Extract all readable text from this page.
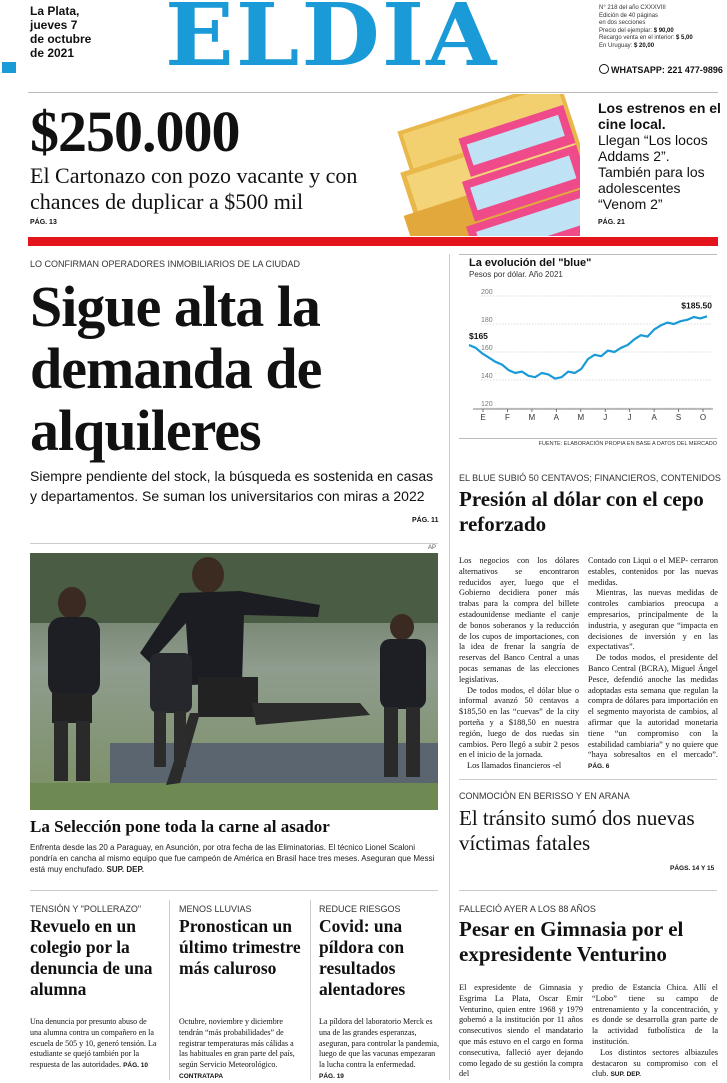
La Plata,
jueves 7
de octubre
de 2021	ELDIA	N° 218 del año CXXXVIII
Edición de 40 páginas
en dos secciones
Precio del ejemplar: $ 90,00
Recargo venta en el interior: $ 5,00
En Uruguay: $ 20,00
WHATSAPP: 221 477-9896
$250.000
El Cartonazo con pozo vacante y con chances de duplicar a $500 mil
PÁG. 13
Los estrenos en el cine local.
Llegan “Los locos Addams 2”. También para los adolescentes “Venom 2”
PÁG. 21
LO CONFIRMAN OPERADORES INMOBILIARIOS DE LA CIUDAD
Sigue alta la demanda de alquileres
Siempre pendiente del stock, la búsqueda es sostenida en casas y departamentos. Se suman los universitarios con miras a 2022
PÁG. 11
AP
La Selección pone toda la carne al asador
Enfrenta desde las 20 a Paraguay, en Asunción, por otra fecha de las Eliminatorias. El técnico Lionel Scaloni pondría en cancha al mismo equipo que fue campeón de América en Brasil hace tres meses. Aseguran que Messi está muy enchufado. SUP. DEP.
La evolución del "blue"
Pesos por dólar. Año 2021
120
140
160
180
200
E F M A M J	J A S O
$165
$185.50
FUENTE: ELABORACIÓN PROPIA EN BASE A DATOS DEL MERCADO
EL BLUE SUBIÓ 50 CENTAVOS; FINANCIEROS, CONTENIDOS
Presión al dólar con el cepo reforzado

Los negocios con los dólares alternativos se encontraron reducidos ayer, luego que el Gobierno decidiera poner más trabas para la compra del billete estadounidense mediante el canje de bonos soberanos y la reducción de los cupos de importaciones, con la idea de frenar la sangría de reservas del Banco Central a unas pocas semanas de las elecciones legislativas.

De todos modos, el dólar blue o informal avanzó 50 centavos a $185,50 en las “cuevas” de la city porteña y a $188,50 en nuestra región, luego de dos ruedas sin cambios. Pero llegó a subir 2 pesos en el inicio de la jornada.

Los llamados financieros -el

Contado con Liqui o el MEP- cerraron estables, contenidos por las nuevas medidas.

Mientras, las nuevas medidas de controles cambiarios preocupa a empresarios, principalmente de la industria, y aseguran que “impacta en decisiones de inversión y en las expectativas”.

De todos modos, el presidente del Banco Central (BCRA), Miguel Ángel Pesce, defendió anoche las medidas adoptadas esta semana que regulan la compra de dólares para importación en el segmento mayorista de cambios, al afirmar que la autoridad monetaria tiene “un compromiso con la estabilidad cambiaria” y no quiere que “haya sobresaltos en el mercado”. PÁG. 6

CONMOCIÓN EN BERISSO Y EN ARANA
El tránsito sumó dos nuevas víctimas fatales
PÁGS. 14 Y 15
FALLECIÓ AYER A LOS 88 AÑOS
Pesar en Gimnasia por el expresidente Venturino

El expresidente de Gimnasia y Esgrima La Plata, Oscar Emir Venturino, quien entre 1968 y 1979 gobernó a la institución por 11 años consecutivos siendo el mandatario que más estuvo en el cargo en forma consecutiva, falleció ayer dejando como legado de su gestión la compra del

predio de Estancia Chica. Allí el “Lobo” tiene su campo de entrenamiento y la concentración, y es donde se desarrolla gran parte de la actividad futbolística de la institución.

Los distintos sectores albiazules destacaron su compromiso con el club. SUP. DEP.

TENSIÓN Y "POLLERAZO"
Revuelo en un colegio por la denuncia de una alumna
Una denuncia por presunto abuso de una alumna contra un compañero en la escuela de 505 y 10, generó tensión. La estudiante se quejó también por la respuesta de las autoridades. PÁG. 10
MENOS LLUVIAS
Pronostican un último trimestre más caluroso
Octubre, noviembre y diciembre tendrán “más probabilidades” de registrar temperaturas más cálidas a las habituales en gran parte del país, según Servicio Meteorológico. CONTRATAPA
REDUCE RIESGOS
Covid: una píldora con resultados alentadores
La píldora del laboratorio Merck es una de las grandes esperanzas, aseguran, para controlar la pandemia, luego de que las vacunas empezaran la lucha contra la enfermedad. PÁG. 19
